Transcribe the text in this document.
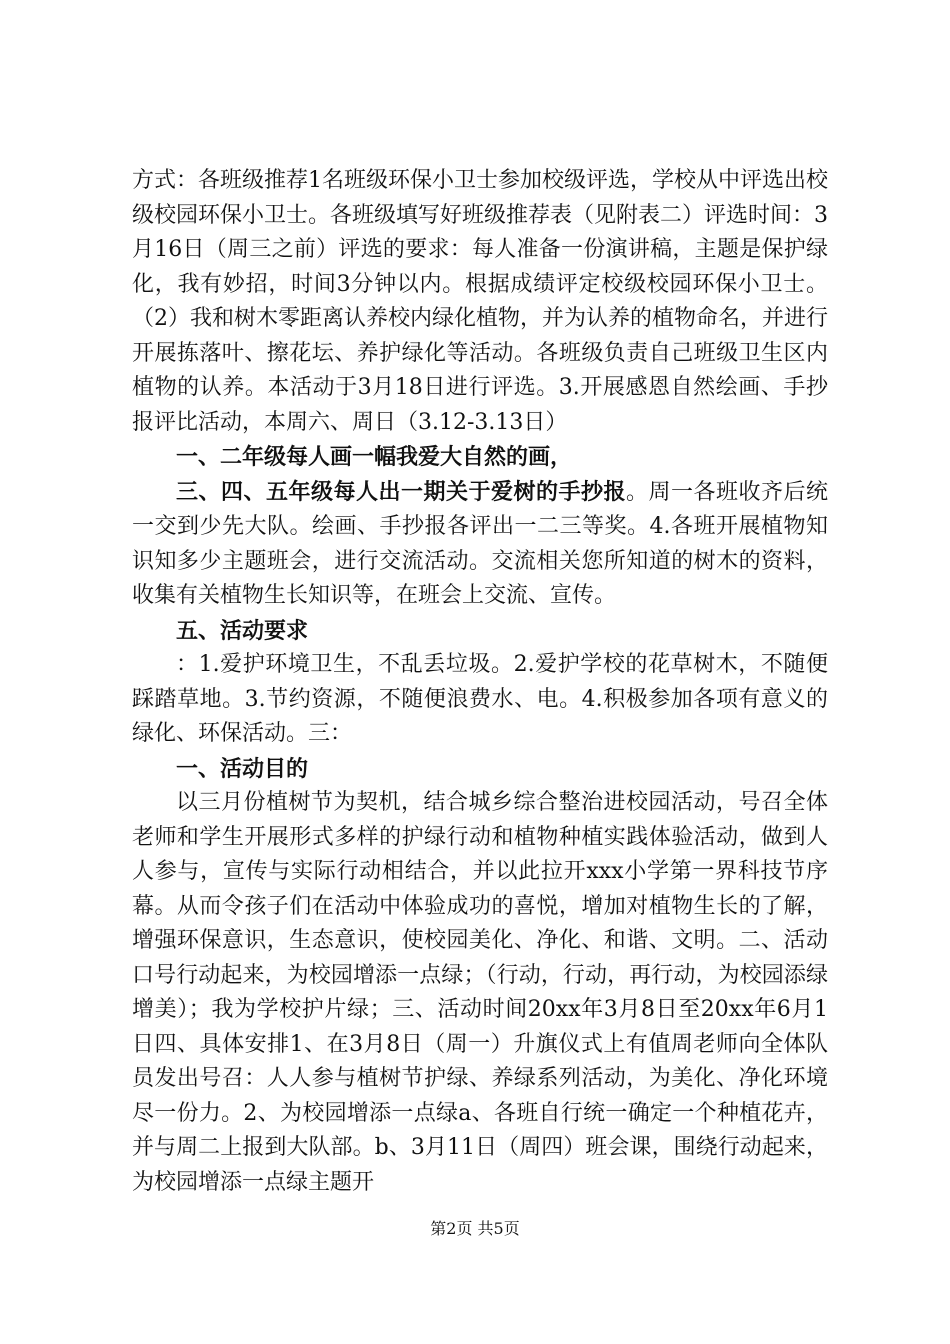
方式：各班级推荐1名班级环保小卫士参加校级评选，学校从中评选出校级校园环保小卫士。各班级填写好班级推荐表（见附表二）评选时间：3月16日（周三之前）评选的要求：每人准备一份演讲稿，主题是保护绿化，我有妙招，时间3分钟以内。根据成绩评定校级校园环保小卫士。（2）我和树木零距离认养校内绿化植物，并为认养的植物命名，并进行开展拣落叶、擦花坛、养护绿化等活动。各班级负责自己班级卫生区内植物的认养。本活动于3月18日进行评选。3.开展感恩自然绘画、手抄报评比活动，本周六、周日（3.12-3.13日）

一、二年级每人画一幅我爱大自然的画，

三、四、五年级每人出一期关于爱树的手抄报。周一各班收齐后统一交到少先大队。绘画、手抄报各评出一二三等奖。4.各班开展植物知识知多少主题班会，进行交流活动。交流相关您所知道的树木的资料，收集有关植物生长知识等，在班会上交流、宣传。

五、活动要求

：1.爱护环境卫生，不乱丢垃圾。2.爱护学校的花草树木，不随便踩踏草地。3.节约资源，不随便浪费水、电。4.积极参加各项有意义的绿化、环保活动。三：

一、活动目的

以三月份植树节为契机，结合城乡综合整治进校园活动，号召全体老师和学生开展形式多样的护绿行动和植物种植实践体验活动，做到人人参与，宣传与实际行动相结合，并以此拉开xxx小学第一界科技节序幕。从而令孩子们在活动中体验成功的喜悦，增加对植物生长的了解，增强环保意识，生态意识，使校园美化、净化、和谐、文明。二、活动口号行动起来，为校园增添一点绿；（行动，行动，再行动，为校园添绿增美）；我为学校护片绿；三、活动时间20xx年3月8日至20xx年6月1日四、具体安排1、在3月8日（周一）升旗仪式上有值周老师向全体队员发出号召：人人参与植树节护绿、养绿系列活动，为美化、净化环境尽一份力。2、为校园增添一点绿a、各班自行统一确定一个种植花卉，并与周二上报到大队部。b、3月11日（周四）班会课，围绕行动起来，为校园增添一点绿主题开

第2页 共5页
